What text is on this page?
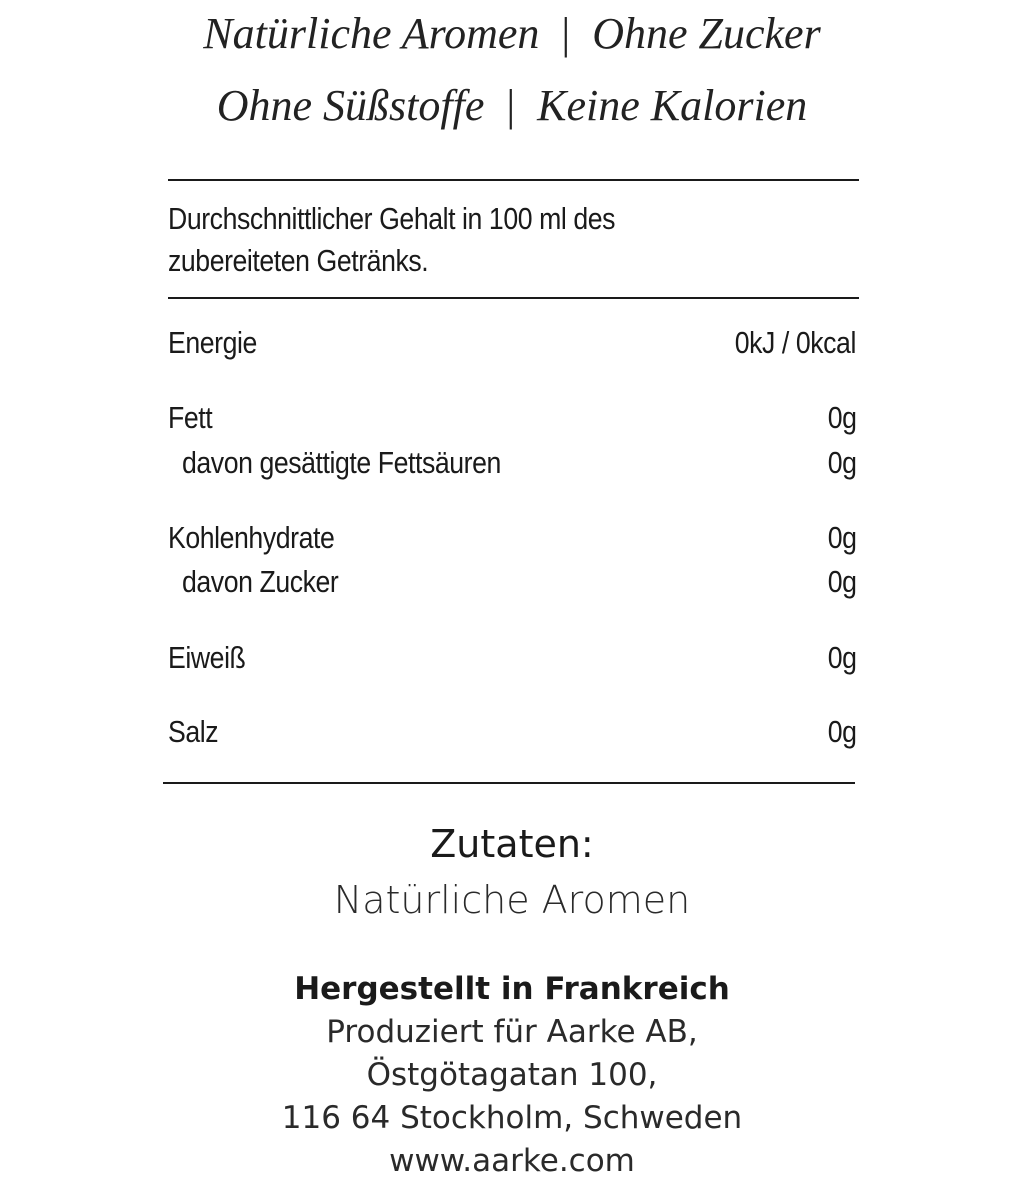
Natürliche Aromen | Ohne Zucker
Ohne Süßstoffe | Keine Kalorien
Durchschnittlicher Gehalt in 100 ml des
zubereiteten Getränks.
Energie	0kJ / 0kcal
Fett	0g
davon gesättigte Fettsäuren	0g
Kohlenhydrate	0g
davon Zucker	0g
Eiweiß	0g
Salz	0g
Zutaten:
Natürliche Aromen
Hergestellt in Frankreich
Produziert für Aarke AB,
Östgötagatan 100,
116 64 Stockholm, Schweden
www.aarke.com
